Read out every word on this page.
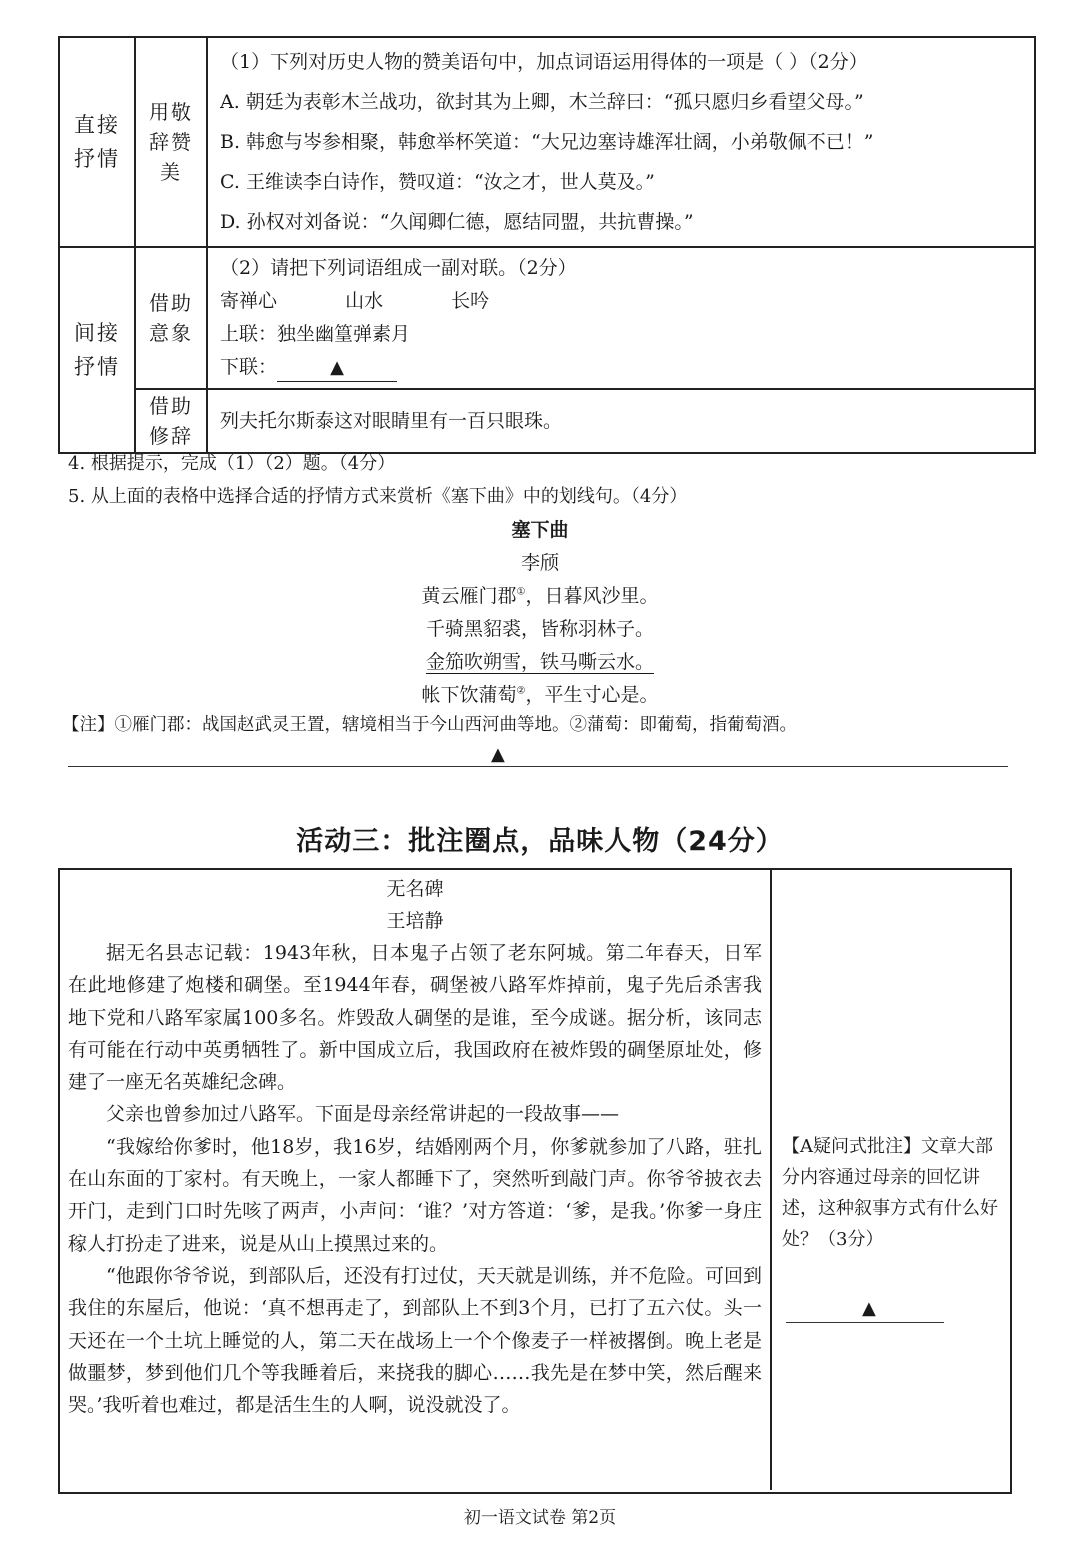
直接抒情	用敬辞赞美	（1）下列对历史人物的赞美语句中，加点词语运用得体的一项是（ ）（2分）
A. 朝廷为表彰木兰战功，欲封其为上卿，木兰辞曰：“孤只愿归乡看望父母。”
B. 韩愈与岑参相聚，韩愈举杯笑道：“大兄边塞诗雄浑壮阔，小弟敬佩不已！”
C. 王维读李白诗作，赞叹道：“汝之才，世人莫及。”
D. 孙权对刘备说：“久闻卿仁德，愿结同盟，共抗曹操。”

间接抒情	借助意象	（2）请把下列词语组成一副对联。（2分）
寄禅心 山水 长吟
上联：独坐幽篁弹素月
下联： ▲

	借助修辞	列夫托尔斯泰这对眼睛里有一百只眼珠。
4. 根据提示，完成（1）（2）题。（4分）
5. 从上面的表格中选择合适的抒情方式来赏析《塞下曲》中的划线句。（4分）
塞下曲
李颀
黄云雁门郡①，日暮风沙里。
千骑黑貂裘，皆称羽林子。
金笳吹朔雪，铁马嘶云水。
帐下饮蒲萄②，平生寸心是。
【注】①雁门郡：战国赵武灵王置，辖境相当于今山西河曲等地。②蒲萄：即葡萄，指葡萄酒。
▲
活动三：批注圈点，品味人物（24分）

无名碑

王培静

据无名县志记载：1943年秋，日本鬼子占领了老东阿城。第二年春天，日军在此地修建了炮楼和碉堡。至1944年春，碉堡被八路军炸掉前，鬼子先后杀害我地下党和八路军家属100多名。炸毁敌人碉堡的是谁，至今成谜。据分析，该同志有可能在行动中英勇牺牲了。新中国成立后，我国政府在被炸毁的碉堡原址处，修建了一座无名英雄纪念碑。

父亲也曾参加过八路军。下面是母亲经常讲起的一段故事——

“我嫁给你爹时，他18岁，我16岁，结婚刚两个月，你爹就参加了八路，驻扎在山东面的丁家村。有天晚上，一家人都睡下了，突然听到敲门声。你爷爷披衣去开门，走到门口时先咳了两声，小声问：‘谁？’对方答道：‘爹，是我。’你爹一身庄稼人打扮走了进来，说是从山上摸黑过来的。

“他跟你爷爷说，到部队后，还没有打过仗，天天就是训练，并不危险。可回到我住的东屋后，他说：‘真不想再走了，到部队上不到3个月，已打了五六仗。头一天还在一个土坑上睡觉的人，第二天在战场上一个个像麦子一样被撂倒。晚上老是做噩梦，梦到他们几个等我睡着后，来挠我的脚心……我先是在梦中笑，然后醒来哭。’我听着也难过，都是活生生的人啊，说没就没了。

【A疑问式批注】文章大部分内容通过母亲的回忆讲述，这种叙事方式有什么好处？（3分）
▲
初一语文试卷 第2页
